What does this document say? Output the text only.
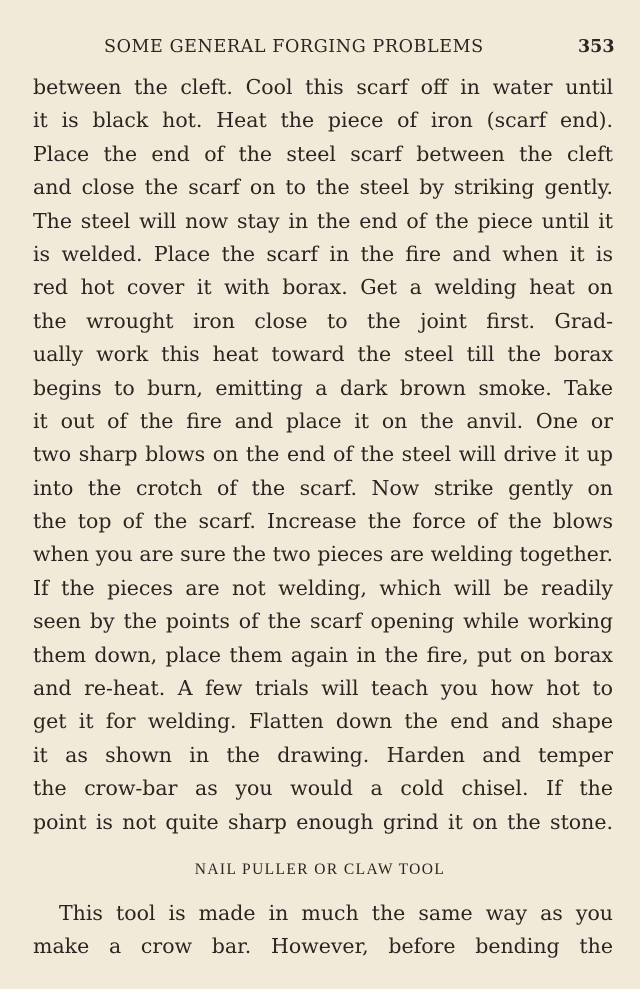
SOME GENERAL FORGING PROBLEMS	353
between the cleft. Cool this scarf off in water until
it is black hot. Heat the piece of iron (scarf end).
Place the end of the steel scarf between the cleft
and close the scarf on to the steel by striking gently.
The steel will now stay in the end of the piece until it
is welded. Place the scarf in the fire and when it is
red hot cover it with borax. Get a welding heat on
the wrought iron close to the joint first. Grad-
ually work this heat toward the steel till the borax
begins to burn, emitting a dark brown smoke. Take
it out of the fire and place it on the anvil. One or
two sharp blows on the end of the steel will drive it up
into the crotch of the scarf. Now strike gently on
the top of the scarf. Increase the force of the blows
when you are sure the two pieces are welding together.
If the pieces are not welding, which will be readily
seen by the points of the scarf opening while working
them down, place them again in the fire, put on borax
and re-heat. A few trials will teach you how hot to
get it for welding. Flatten down the end and shape
it as shown in the drawing. Harden and temper
the crow-bar as you would a cold chisel. If the
point is not quite sharp enough grind it on the stone.
NAIL PULLER OR CLAW TOOL
This tool is made in much the same way as you
make a crow bar. However, before bending the
